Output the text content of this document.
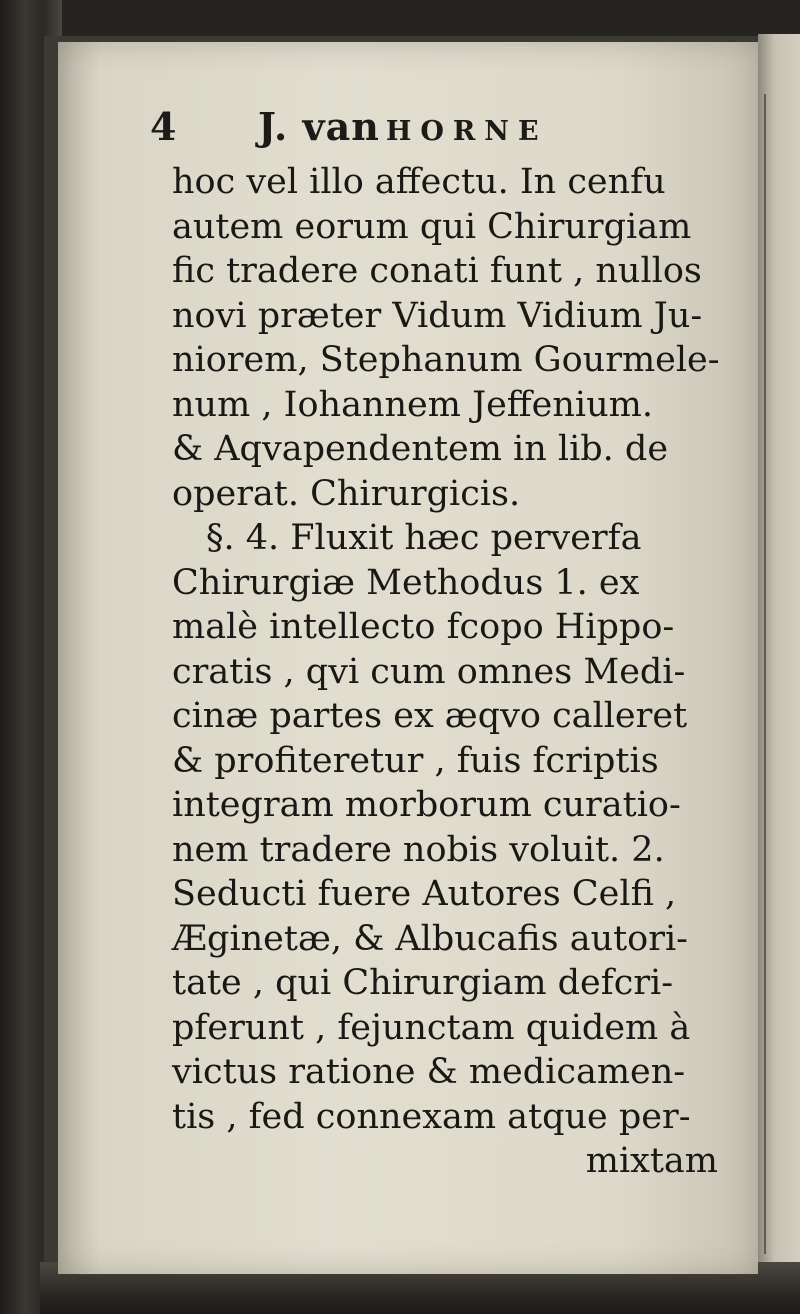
4	J. van HORNE
hoc vel illo affectu. In cenfu
autem eorum qui Chirurgiam
fic tradere conati funt , nullos
novi præter Vidum Vidium Ju-
niorem, Stephanum Gourmele-
num , Iohannem Jeffenium.
& Aqvapendentem in lib. de
operat. Chirurgicis.
§. 4. Fluxit hæc perverfa
Chirurgiæ Methodus 1. ex
malè intellecto fcopo Hippo-
cratis , qvi cum omnes Medi-
cinæ partes ex æqvo calleret
& profiteretur , fuis fcriptis
integram morborum curatio-
nem tradere nobis voluit. 2.
Seducti fuere Autores Celfi ,
Æginetæ, & Albucafis autori-
tate , qui Chirurgiam defcri-
pferunt , fejunctam quidem à
victus ratione & medicamen-
tis , fed connexam atque per-
mixtam
